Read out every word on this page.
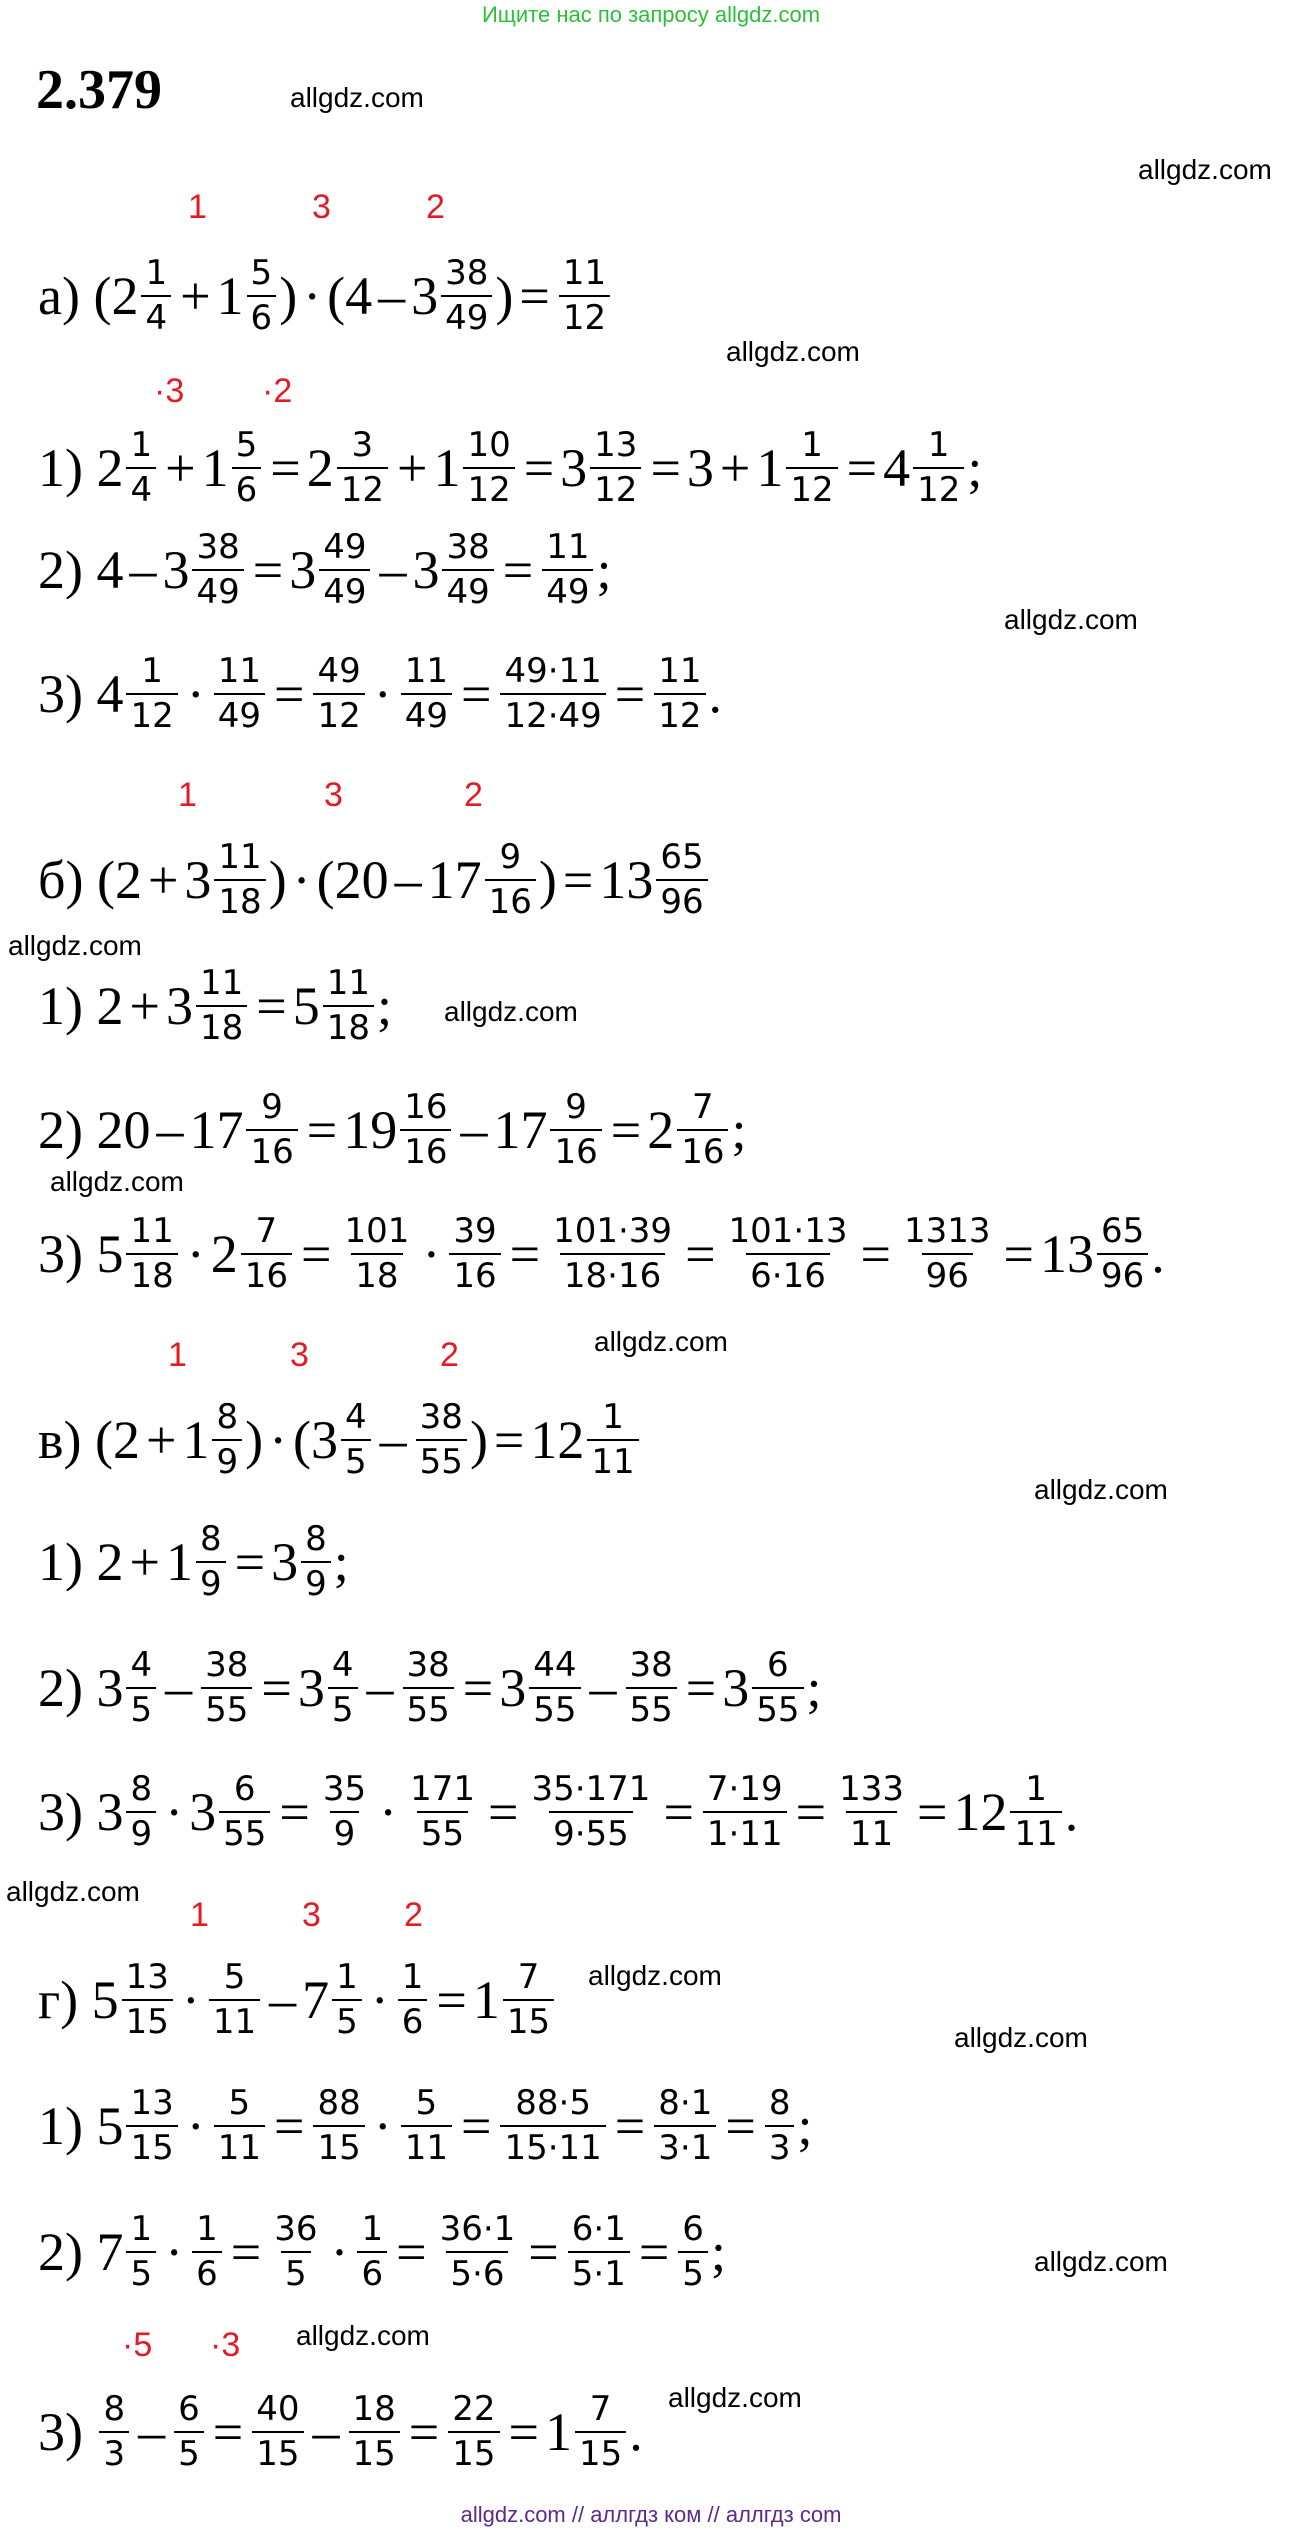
Ищите нас по запросу allgdz.com
2.379	allgdz.com
allgdz.com
allgdz.com
allgdz.com
allgdz.com
allgdz.com
allgdz.com
allgdz.com
allgdz.com
allgdz.com
allgdz.com
allgdz.com
allgdz.com
allgdz.com
allgdz.com
1	3	2
·3 ·2
1	3	2
1	3	2
1	3 2
·5 ·3
а)
( $2 \frac{1}{4} + 1 \frac{5}{6}$ ) · ( $4 - 3 \frac{38}{49}$ ) = $\frac{11}{12}$
1)
$2 \frac{1}{4} + 1 \frac{5}{6} = 2 \frac{3}{12} + 1 \frac{10}{12} = 3 \frac{13}{12} = 3 + 1 \frac{1}{12} = 4 \frac{1}{12}$ ;
2)
$4 - 3 \frac{38}{49} = 3 \frac{49}{49} - 3 \frac{38}{49} = \frac{11}{49}$ ;
3)
$4 \frac{1}{12} \cdot \frac{11}{49} = \frac{49}{12} \cdot \frac{11}{49} = \frac{49\cdot 11}{12\cdot 49} = \frac{11}{12}$ .
б)
( $2 + 3 \frac{11}{18}$ ) · ( $20 - 17 \frac{9}{16}$ ) = $13 \frac{65}{96}$
1)
$2 + 3 \frac{11}{18} = 5 \frac{11}{18}$ ;
2)
$20 - 17 \frac{9}{16} = 19 \frac{16}{16} - 17 \frac{9}{16} = 2 \frac{7}{16}$ ;
3)
$5 \frac{11}{18} \cdot 2 \frac{7}{16} = \frac{101}{18} \cdot \frac{39}{16} = \frac{101\cdot 39}{18\cdot 16} = \frac{101\cdot 13}{6\cdot 16} = \frac{1313}{96} = 13 \frac{65}{96}$ .
в)
( $2 + 1 \frac{8}{9}$ ) · ( $3 \frac{4}{5} - \frac{38}{55}$ ) = $12 \frac{1}{11}$
1)
$2 + 1 \frac{8}{9} = 3 \frac{8}{9}$ ;
2)
$3 \frac{4}{5} - \frac{38}{55} = 3 \frac{4}{5} - \frac{38}{55} = 3 \frac{44}{55} - \frac{38}{55} = 3 \frac{6}{55}$ ;
3)
$3 \frac{8}{9} \cdot 3 \frac{6}{55} = \frac{35}{9} \cdot \frac{171}{55} = \frac{35\cdot 171}{9\cdot 55} = \frac{7\cdot 19}{1\cdot 11} = \frac{133}{11} = 12 \frac{1}{11}$ .
г)
$5 \frac{13}{15} \cdot \frac{5}{11} - 7 \frac{1}{5} \cdot \frac{1}{6} = 1 \frac{7}{15}$
1)
$5 \frac{13}{15} \cdot \frac{5}{11} = \frac{88}{15} \cdot \frac{5}{11} = \frac{88\cdot 5}{15\cdot 11} = \frac{8\cdot 1}{3\cdot 1} = \frac{8}{3}$ ;
2)
$7 \frac{1}{5} \cdot \frac{1}{6} = \frac{36}{5} \cdot \frac{1}{6} = \frac{36\cdot 1}{5\cdot 6} = \frac{6\cdot 1}{5\cdot 1} = \frac{6}{5}$ ;
3)
$\frac{8}{3} - \frac{6}{5} = \frac{40}{15} - \frac{18}{15} = \frac{22}{15} = 1 \frac{7}{15}$ .
allgdz.com // аллгдз ком // аллгдз com
